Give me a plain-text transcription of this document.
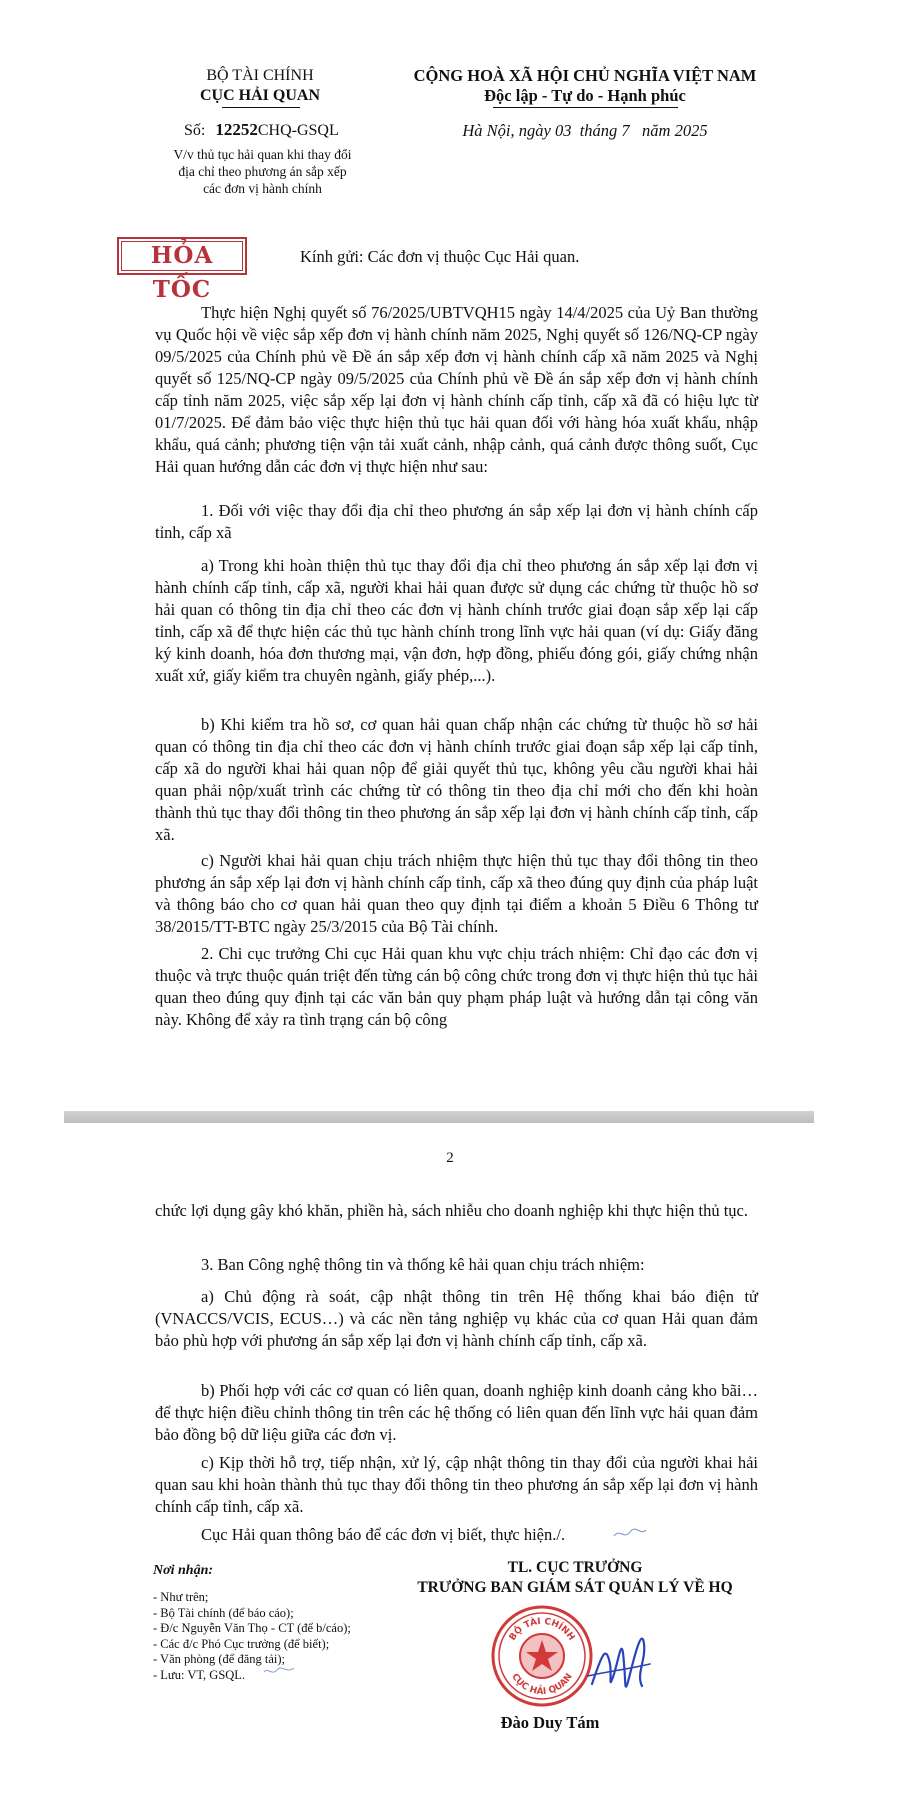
BỘ TÀI CHÍNH
CỤC HẢI QUAN
Số: 12252CHQ-GSQL
V/v thủ tục hải quan khi thay đổi
địa chỉ theo phương án sắp xếp
các đơn vị hành chính
CỘNG HOÀ XÃ HỘI CHỦ NGHĨA VIỆT NAM
Độc lập - Tự do - Hạnh phúc
Hà Nội, ngày 03  tháng 7   năm 2025
HỎA TỐC
Kính gửi: Các đơn vị thuộc Cục Hải quan.

Thực hiện Nghị quyết số 76/2025/UBTVQH15 ngày 14/4/2025 của Uỷ Ban thường vụ Quốc hội về việc sắp xếp đơn vị hành chính năm 2025, Nghị quyết số 126/NQ-CP ngày 09/5/2025 của Chính phủ về Đề án sắp xếp đơn vị hành chính cấp xã năm 2025 và Nghị quyết số 125/NQ-CP ngày 09/5/2025 của Chính phủ về Đề án sắp xếp đơn vị hành chính cấp tỉnh năm 2025, việc sắp xếp lại đơn vị hành chính cấp tỉnh, cấp xã đã có hiệu lực từ 01/7/2025. Để đảm bảo việc thực hiện thủ tục hải quan đối với hàng hóa xuất khẩu, nhập khẩu, quá cảnh; phương tiện vận tải xuất cảnh, nhập cảnh, quá cảnh được thông suốt, Cục Hải quan hướng dẫn các đơn vị thực hiện như sau:

1. Đối với việc thay đổi địa chỉ theo phương án sắp xếp lại đơn vị hành chính cấp tỉnh, cấp xã

a) Trong khi hoàn thiện thủ tục thay đổi địa chỉ theo phương án sắp xếp lại đơn vị hành chính cấp tỉnh, cấp xã, người khai hải quan được sử dụng các chứng từ thuộc hồ sơ hải quan có thông tin địa chỉ theo các đơn vị hành chính trước giai đoạn sắp xếp lại cấp tỉnh, cấp xã để thực hiện các thủ tục hành chính trong lĩnh vực hải quan (ví dụ: Giấy đăng ký kinh doanh, hóa đơn thương mại, vận đơn, hợp đồng, phiếu đóng gói, giấy chứng nhận xuất xứ, giấy kiểm tra chuyên ngành, giấy phép,...).

b) Khi kiểm tra hồ sơ, cơ quan hải quan chấp nhận các chứng từ thuộc hồ sơ hải quan có thông tin địa chỉ theo các đơn vị hành chính trước giai đoạn sắp xếp lại cấp tỉnh, cấp xã do người khai hải quan nộp để giải quyết thủ tục, không yêu cầu người khai hải quan phải nộp/xuất trình các chứng từ có thông tin theo địa chỉ mới cho đến khi hoàn thành thủ tục thay đổi thông tin theo phương án sắp xếp lại đơn vị hành chính cấp tỉnh, cấp xã.

c) Người khai hải quan chịu trách nhiệm thực hiện thủ tục thay đổi thông tin theo phương án sắp xếp lại đơn vị hành chính cấp tỉnh, cấp xã theo đúng quy định của pháp luật và thông báo cho cơ quan hải quan theo quy định tại điểm a khoản 5 Điều 6 Thông tư 38/2015/TT-BTC ngày 25/3/2015 của Bộ Tài chính.

2. Chi cục trưởng Chi cục Hải quan khu vực chịu trách nhiệm: Chỉ đạo các đơn vị thuộc và trực thuộc quán triệt đến từng cán bộ công chức trong đơn vị thực hiện thủ tục hải quan theo đúng quy định tại các văn bản quy phạm pháp luật và hướng dẫn tại công văn này. Không để xảy ra tình trạng cán bộ công

2

chức lợi dụng gây khó khăn, phiền hà, sách nhiễu cho doanh nghiệp khi thực hiện thủ tục.

3. Ban Công nghệ thông tin và thống kê hải quan chịu trách nhiệm:

a) Chủ động rà soát, cập nhật thông tin trên Hệ thống khai báo điện tử (VNACCS/VCIS, ECUS…) và các nền tảng nghiệp vụ khác của cơ quan Hải quan đảm bảo phù hợp với phương án sắp xếp lại đơn vị hành chính cấp tỉnh, cấp xã.

b) Phối hợp với các cơ quan có liên quan, doanh nghiệp kinh doanh cảng kho bãi… để thực hiện điều chỉnh thông tin trên các hệ thống có liên quan đến lĩnh vực hải quan đảm bảo đồng bộ dữ liệu giữa các đơn vị.

c) Kịp thời hỗ trợ, tiếp nhận, xử lý, cập nhật thông tin thay đổi của người khai hải quan sau khi hoàn thành thủ tục thay đổi thông tin theo phương án sắp xếp lại đơn vị hành chính cấp tỉnh, cấp xã.

Cục Hải quan thông báo để các đơn vị biết, thực hiện./.

Nơi nhận:
- Như trên;
- Bộ Tài chính (để báo cáo);
- Đ/c Nguyễn Văn Thọ - CT (để b/cáo);
- Các đ/c Phó Cục trưởng (để biết);
- Văn phòng (để đăng tải);
- Lưu: VT, GSQL.
TL. CỤC TRƯỞNG
TRƯỞNG BAN GIÁM SÁT QUẢN LÝ VỀ HQ
BỘ TÀI CHÍNH
CỤC HẢI QUAN
Đào Duy Tám
